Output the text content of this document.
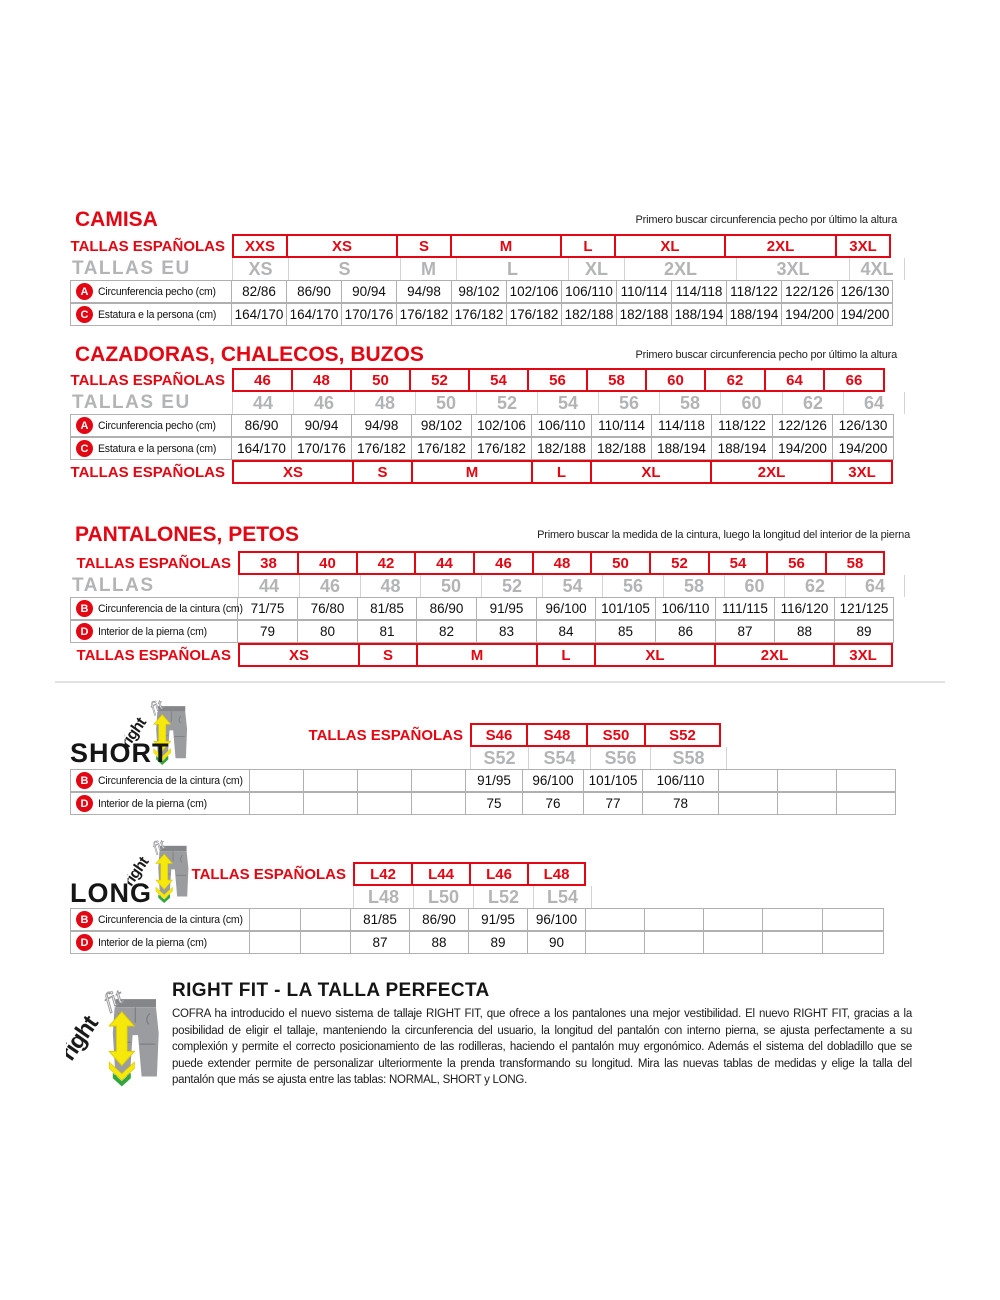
CAMISA	Primero buscar circunferencia pecho por último la altura
TALLAS ESPAÑOLAS	XXS	XS	S	M	L	XL	2XL	3XL
TALLAS EU	XS	S	M	L	XL	2XL	3XL	4XL
A Circunferencia pecho (cm)	82/86	86/90	90/94	94/98	98/102 102/106 106/110 110/114 114/118 118/122 122/126 126/130
C Estatura e la persona (cm) 164/170 164/170 170/176 176/182 176/182 176/182 182/188 182/188 188/194 188/194 194/200 194/200
CAZADORAS, CHALECOS, BUZOS	Primero buscar circunferencia pecho por último la altura
TALLAS ESPAÑOLAS	46	48	50	52	54	56	58	60	62	64	66
TALLAS EU	44	46	48	50	52	54	56	58	60	62	64
A Circunferencia pecho (cm)	86/90	90/94	94/98	98/102	102/106 106/110 110/114 114/118 118/122 122/126 126/130
C Estatura e la persona (cm)	164/170 170/176 176/182 176/182 176/182 182/188 182/188 188/194 188/194 194/200 194/200
TALLAS ESPAÑOLAS	XS	S	M	L	XL	2XL	3XL
PANTALONES, PETOS	Primero buscar la medida de la cintura, luego la longitud del interior de la pierna
TALLAS ESPAÑOLAS	38	40	42	44	46	48	50	52	54	56	58
TALLAS	44	46	48	50	52	54	56	58	60	62	64
B Circunferencia de la cintura (cm) 71/75	76/80	81/85	86/90	91/95	96/100	101/105 106/110 111/115 116/120 121/125
D Interior de la pierna (cm)	79	80	81	82	83	84	85	86	87	88	89
TALLAS ESPAÑOLAS	XS	S	M	L	XL	2XL	3XL
SHORT
TALLAS ESPAÑOLAS	S46	S48	S50	S52
S52	S54	S56	S58
B Circunferencia de la cintura (cm)	91/95	96/100	101/105	106/110
D Interior de la pierna (cm)	75	76	77	78
LONG
TALLAS ESPAÑOLAS	L42	L44	L46	L48
L48	L50	L52	L54
B Circunferencia de la cintura (cm)	81/85	86/90	91/95	96/100
D Interior de la pierna (cm)	87	88	89	90
RIGHT FIT - LA TALLA PERFECTA
COFRA ha introducido el nuevo sistema de tallaje RIGHT FIT, que ofrece a los pantalones una mejor vestibilidad. El nuevo RIGHT FIT, gracias a la posibilidad de eligir el tallaje, manteniendo la circunferencia del usuario, la longitud del pantalón con interno pierna, se ajusta perfectamente a su complexión y permite el correcto posicionamiento de las rodilleras, haciendo el pantalón muy ergonómico. Además el sistema del dobladillo que se puede extender permite de personalizar ulteriormente la prenda transformando su longitud. Mira las nuevas tablas de medidas y elige la talla del pantalón que más se ajusta entre las tablas: NORMAL, SHORT y LONG.
